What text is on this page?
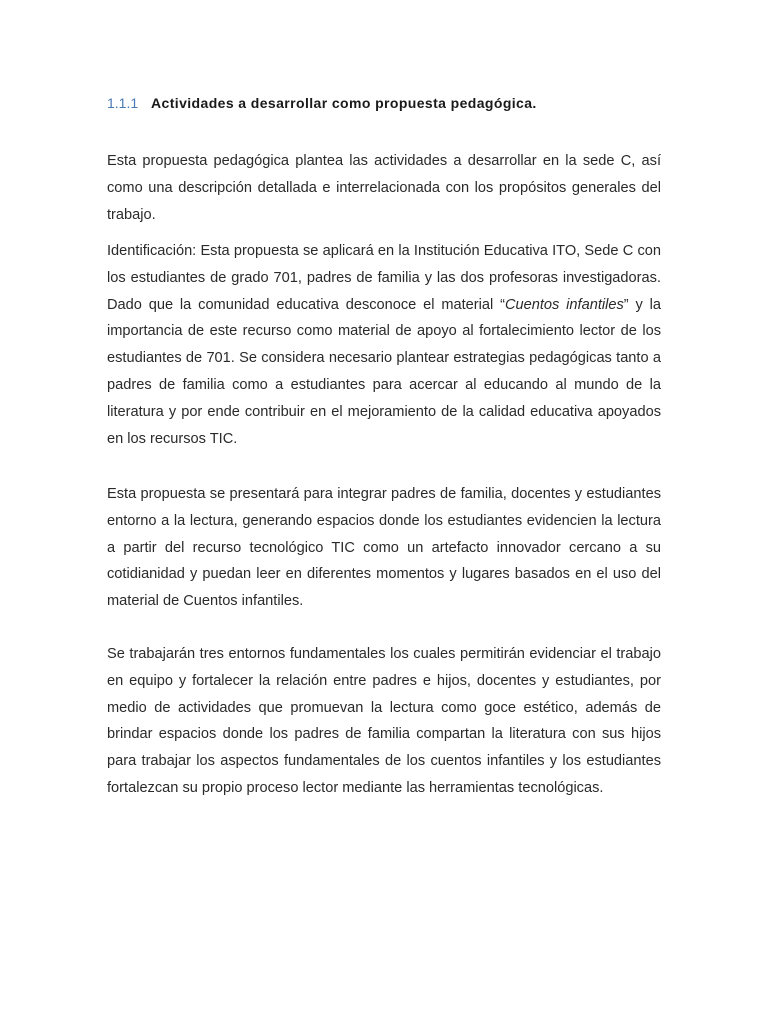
1.1.1 Actividades a desarrollar como propuesta pedagógica.

Esta propuesta pedagógica plantea las actividades a desarrollar en la sede C, así como una descripción detallada e interrelacionada con los propósitos generales del trabajo.

Identificación: Esta propuesta se aplicará en la Institución Educativa ITO, Sede C con los estudiantes de grado 701, padres de familia y las dos profesoras investigadoras. Dado que la comunidad educativa desconoce el material “Cuentos infantiles” y la importancia de este recurso como material de apoyo al fortalecimiento lector de los estudiantes de 701. Se considera necesario plantear estrategias pedagógicas tanto a padres de familia como a estudiantes para acercar al educando al mundo de la literatura y por ende contribuir en el mejoramiento de la calidad educativa apoyados en los recursos TIC.

Esta propuesta se presentará para integrar padres de familia, docentes y estudiantes entorno a la lectura, generando espacios donde los estudiantes evidencien la lectura a partir del recurso tecnológico TIC como un artefacto innovador cercano a su cotidianidad y puedan leer en diferentes momentos y lugares basados en el uso del material de Cuentos infantiles.

Se trabajarán tres entornos fundamentales los cuales permitirán evidenciar el trabajo en equipo y fortalecer la relación entre padres e hijos, docentes y estudiantes, por medio de actividades que promuevan la lectura como goce estético, además de brindar espacios donde los padres de familia compartan la literatura con sus hijos para trabajar los aspectos fundamentales de los cuentos infantiles y los estudiantes fortalezcan su propio proceso lector mediante las herramientas tecnológicas.
